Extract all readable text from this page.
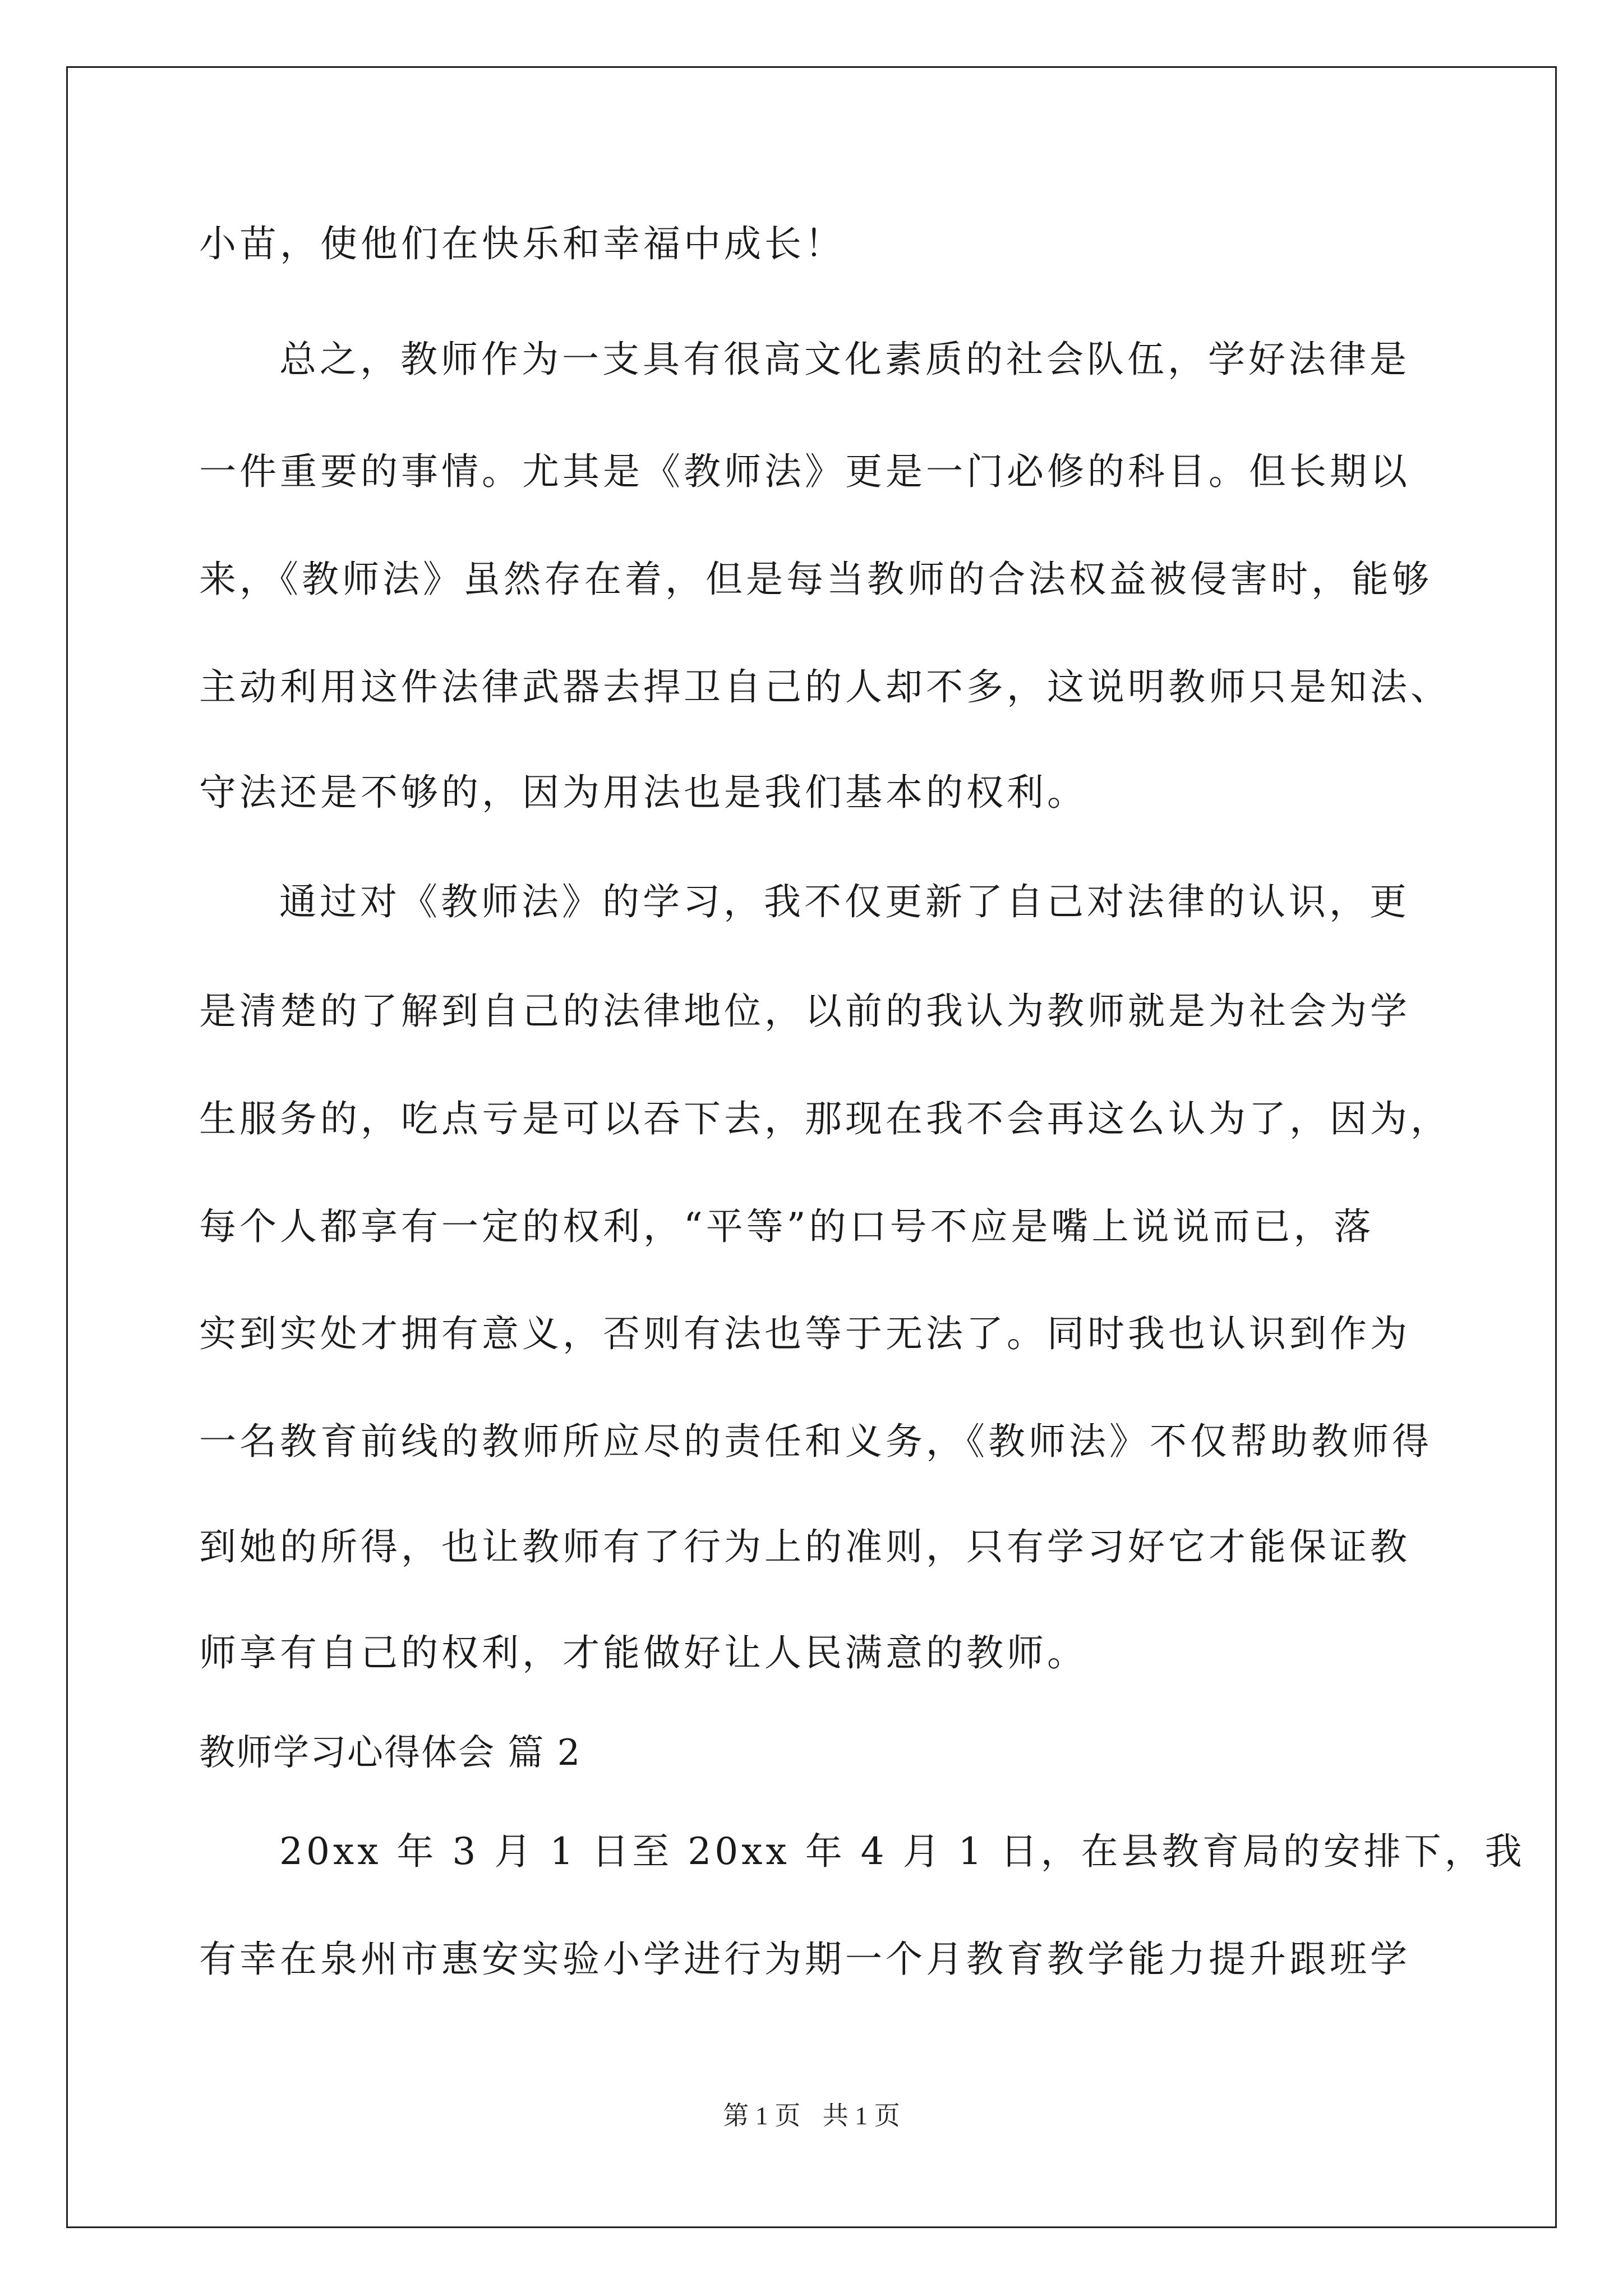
小苗，使他们在快乐和幸福中成长！
总之，教师作为一支具有很高文化素质的社会队伍，学好法律是
一件重要的事情。尤其是《教师法》更是一门必修的科目。但长期以
来，《教师法》虽然存在着，但是每当教师的合法权益被侵害时，能够
主动利用这件法律武器去捍卫自己的人却不多，这说明教师只是知法、
守法还是不够的，因为用法也是我们基本的权利。
通过对《教师法》的学习，我不仅更新了自己对法律的认识，更
是清楚的了解到自己的法律地位，以前的我认为教师就是为社会为学
生服务的，吃点亏是可以吞下去，那现在我不会再这么认为了，因为，
每个人都享有一定的权利，“平等”的口号不应是嘴上说说而已，落
实到实处才拥有意义，否则有法也等于无法了。同时我也认识到作为
一名教育前线的教师所应尽的责任和义务，《教师法》不仅帮助教师得
到她的所得，也让教师有了行为上的准则，只有学习好它才能保证教
师享有自己的权利，才能做好让人民满意的教师。
教师学习心得体会 篇 2
20xx 年 3 月 1 日至 20xx 年 4 月 1 日，在县教育局的安排下，我
有幸在泉州市惠安实验小学进行为期一个月教育教学能力提升跟班学
第 1 页 共 1 页
